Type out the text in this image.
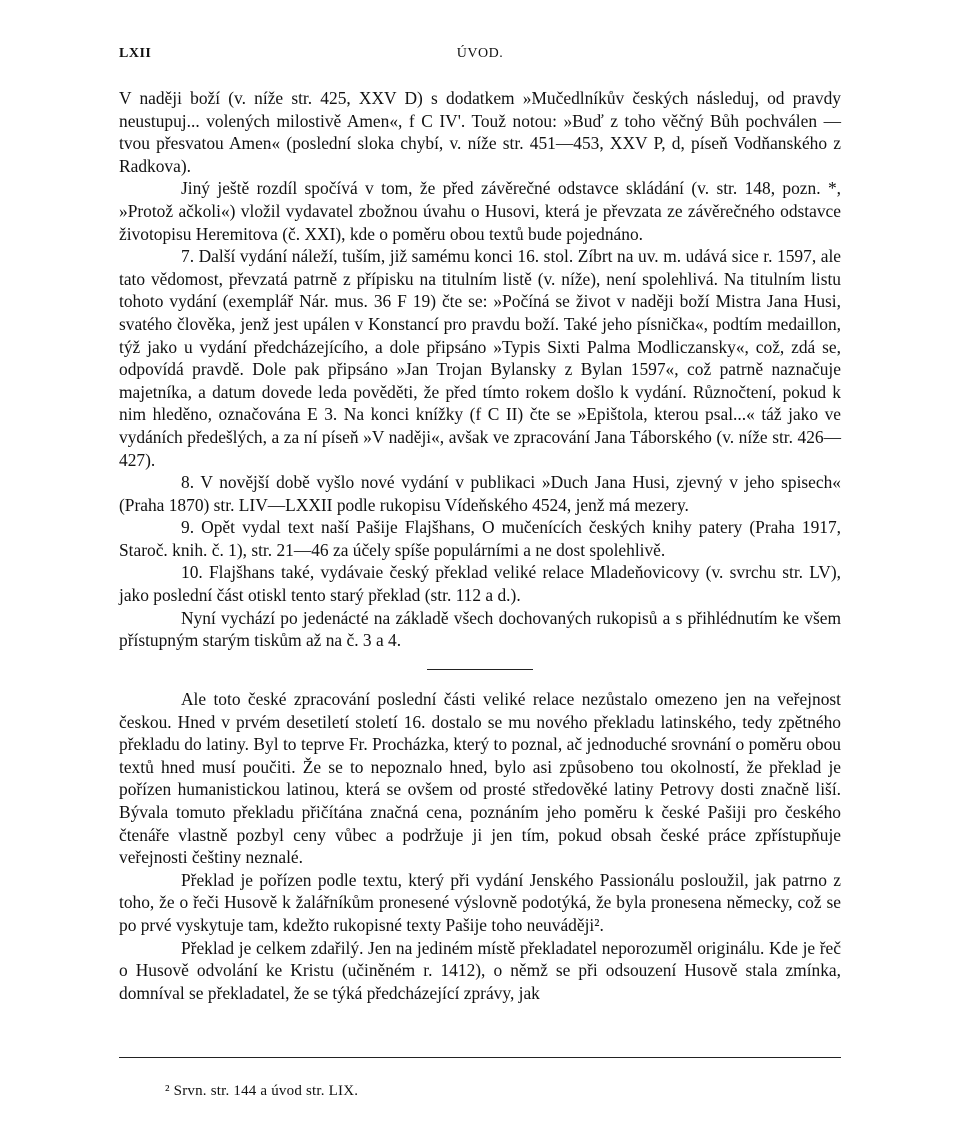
LXII	ÚVOD.

V naději boží (v. níže str. 425, XXV D) s dodatkem »Mučedlníkův českých následuj, od pravdy neustupuj... volených milostivě Amen«, f C IV'. Touž notou: »Buď z toho věčný Bůh pochválen — tvou přesvatou Amen« (poslední sloka chybí, v. níže str. 451—453, XXV P, d, píseň Vodňanského z Radkova).

Jiný ještě rozdíl spočívá v tom, že před závěrečné odstavce skládání (v. str. 148, pozn. *, »Protož ačkoli«) vložil vydavatel zbožnou úvahu o Husovi, která je převzata ze závěrečného odstavce životopisu Heremitova (č. XXI), kde o poměru obou textů bude pojednáno.

7. Další vydání náleží, tuším, již samému konci 16. stol. Zíbrt na uv. m. udává sice r. 1597, ale tato vědomost, převzatá patrně z přípisku na titulním listě (v. níže), není spolehlivá. Na titulním listu tohoto vydání (exemplář Nár. mus. 36 F 19) čte se: »Počíná se život v naději boží Mistra Jana Husi, svatého člověka, jenž jest upálen v Konstancí pro pravdu boží. Také jeho písnička«, podtím medaillon, týž jako u vydání předcházejícího, a dole připsáno »Typis Sixti Palma Modliczansky«, což, zdá se, odpovídá pravdě. Dole pak připsáno »Jan Trojan Bylansky z Bylan 1597«, což patrně naznačuje majetníka, a datum dovede leda pověděti, že před tímto rokem došlo k vydání. Různočtení, pokud k nim hleděno, označována E 3. Na konci knížky (f C II) čte se »Epištola, kterou psal...« táž jako ve vydáních předešlých, a za ní píseň »V naději«, avšak ve zpracování Jana Táborského (v. níže str. 426—427).

8. V novější době vyšlo nové vydání v publikaci »Duch Jana Husi, zjevný v jeho spisech« (Praha 1870) str. LIV—LXXII podle rukopisu Vídeňského 4524, jenž má mezery.

9. Opět vydal text naší Pašije Flajšhans, O mučenících českých knihy patery (Praha 1917, Staroč. knih. č. 1), str. 21—46 za účely spíše populárními a ne dost spolehlivě.

10. Flajšhans také, vydávaie český překlad veliké relace Mladeňovicovy (v. svrchu str. LV), jako poslední část otiskl tento starý překlad (str. 112 a d.).

Nyní vychází po jedenácté na základě všech dochovaných rukopisů a s přihlédnutím ke všem přístupným starým tiskům až na č. 3 a 4.

Ale toto české zpracování poslední části veliké relace nezůstalo omezeno jen na veřejnost českou. Hned v prvém desetiletí století 16. dostalo se mu nového překladu latinského, tedy zpětného překladu do latiny. Byl to teprve Fr. Procházka, který to poznal, ač jednoduché srovnání o poměru obou textů hned musí poučiti. Že se to nepoznalo hned, bylo asi způsobeno tou okolností, že překlad je pořízen humanistickou latinou, která se ovšem od prosté středověké latiny Petrovy dosti značně liší. Bývala tomuto překladu přičítána značná cena, poznáním jeho poměru k české Pašiji pro českého čtenáře vlastně pozbyl ceny vůbec a podržuje ji jen tím, pokud obsah české práce zpřístupňuje veřejnosti češtiny neznalé.

Překlad je pořízen podle textu, který při vydání Jenského Passionálu posloužil, jak patrno z toho, že o řeči Husově k žalářníkům pronesené výslovně podotýká, že byla pronesena německy, což se po prvé vyskytuje tam, kdežto rukopisné texty Pašije toho neuváději².

Překlad je celkem zdařilý. Jen na jediném místě překladatel neporozuměl originálu. Kde je řeč o Husově odvolání ke Kristu (učiněném r. 1412), o němž se při odsouzení Husově stala zmínka, domníval se překladatel, že se týká předcházející zprávy, jak

² Srvn. str. 144 a úvod str. LIX.
